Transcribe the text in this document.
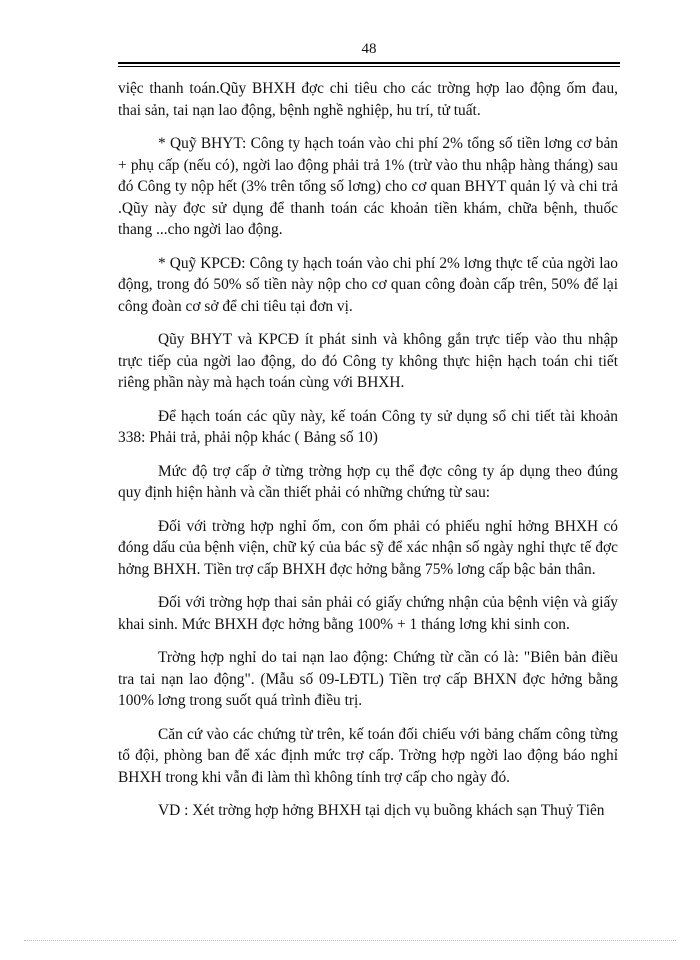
48

việc thanh toán.Qũy BHXH đợc chi tiêu cho các trờng hợp lao động ốm đau, thai sản, tai nạn lao động, bệnh nghề nghiệp, hu trí, tử tuất.

* Quỹ BHYT: Công ty hạch toán vào chi phí 2% tổng số tiền lơng cơ bản + phụ cấp (nếu có), ngời lao động phải trả 1% (trừ vào thu nhập hàng tháng) sau đó Công ty nộp hết (3% trên tổng số lơng) cho cơ quan BHYT quản lý và chi trả .Qũy này đợc sử dụng để thanh toán các khoản tiền khám, chữa bệnh, thuốc thang ...cho ngời lao động.

* Quỹ KPCĐ: Công ty hạch toán vào chi phí 2% lơng thực tế của ngời lao động, trong đó 50% số tiền này nộp cho cơ quan công đoàn cấp trên, 50% để lại công đoàn cơ sở để chi tiêu tại đơn vị.

Qũy BHYT và KPCĐ ít phát sinh và không gắn trực tiếp vào thu nhập trực tiếp của ngời lao động, do đó Công ty không thực hiện hạch toán chi tiết riêng phần này mà hạch toán cùng với BHXH.

Để hạch toán các qũy này, kế toán Công ty sử dụng sổ chi tiết tài khoản 338: Phải trả, phải nộp khác ( Bảng số 10)

Mức độ trợ cấp ở từng trờng hợp cụ thể đợc công ty áp dụng theo đúng quy định hiện hành và cần thiết phải có những chứng từ sau:

Đối với trờng hợp nghỉ ốm, con ốm phải có phiếu nghỉ hởng BHXH có đóng dấu của bệnh viện, chữ ký của bác sỹ để xác nhận số ngày nghỉ thực tế đợc hởng BHXH. Tiền trợ cấp BHXH đợc hởng bằng 75% lơng cấp bậc bản thân.

Đối với trờng hợp thai sản phải có giấy chứng nhận của bệnh viện và giấy khai sinh. Mức BHXH đợc hởng bằng 100% + 1 tháng lơng khi sinh con.

Trờng hợp nghỉ do tai nạn lao động: Chứng từ cần có là: "Biên bản điều tra tai nạn lao động". (Mẫu số 09-LĐTL) Tiền trợ cấp BHXN đợc hởng bằng 100% lơng trong suốt quá trình điều trị.

Căn cứ vào các chứng từ trên, kế toán đối chiếu với bảng chấm công từng tổ đội, phòng ban để xác định mức trợ cấp. Trờng hợp ngời lao động báo nghỉ BHXH trong khi vẫn đi làm thì không tính trợ cấp cho ngày đó.

VD : Xét trờng hợp hởng BHXH tại dịch vụ buồng khách sạn Thuỷ Tiên
